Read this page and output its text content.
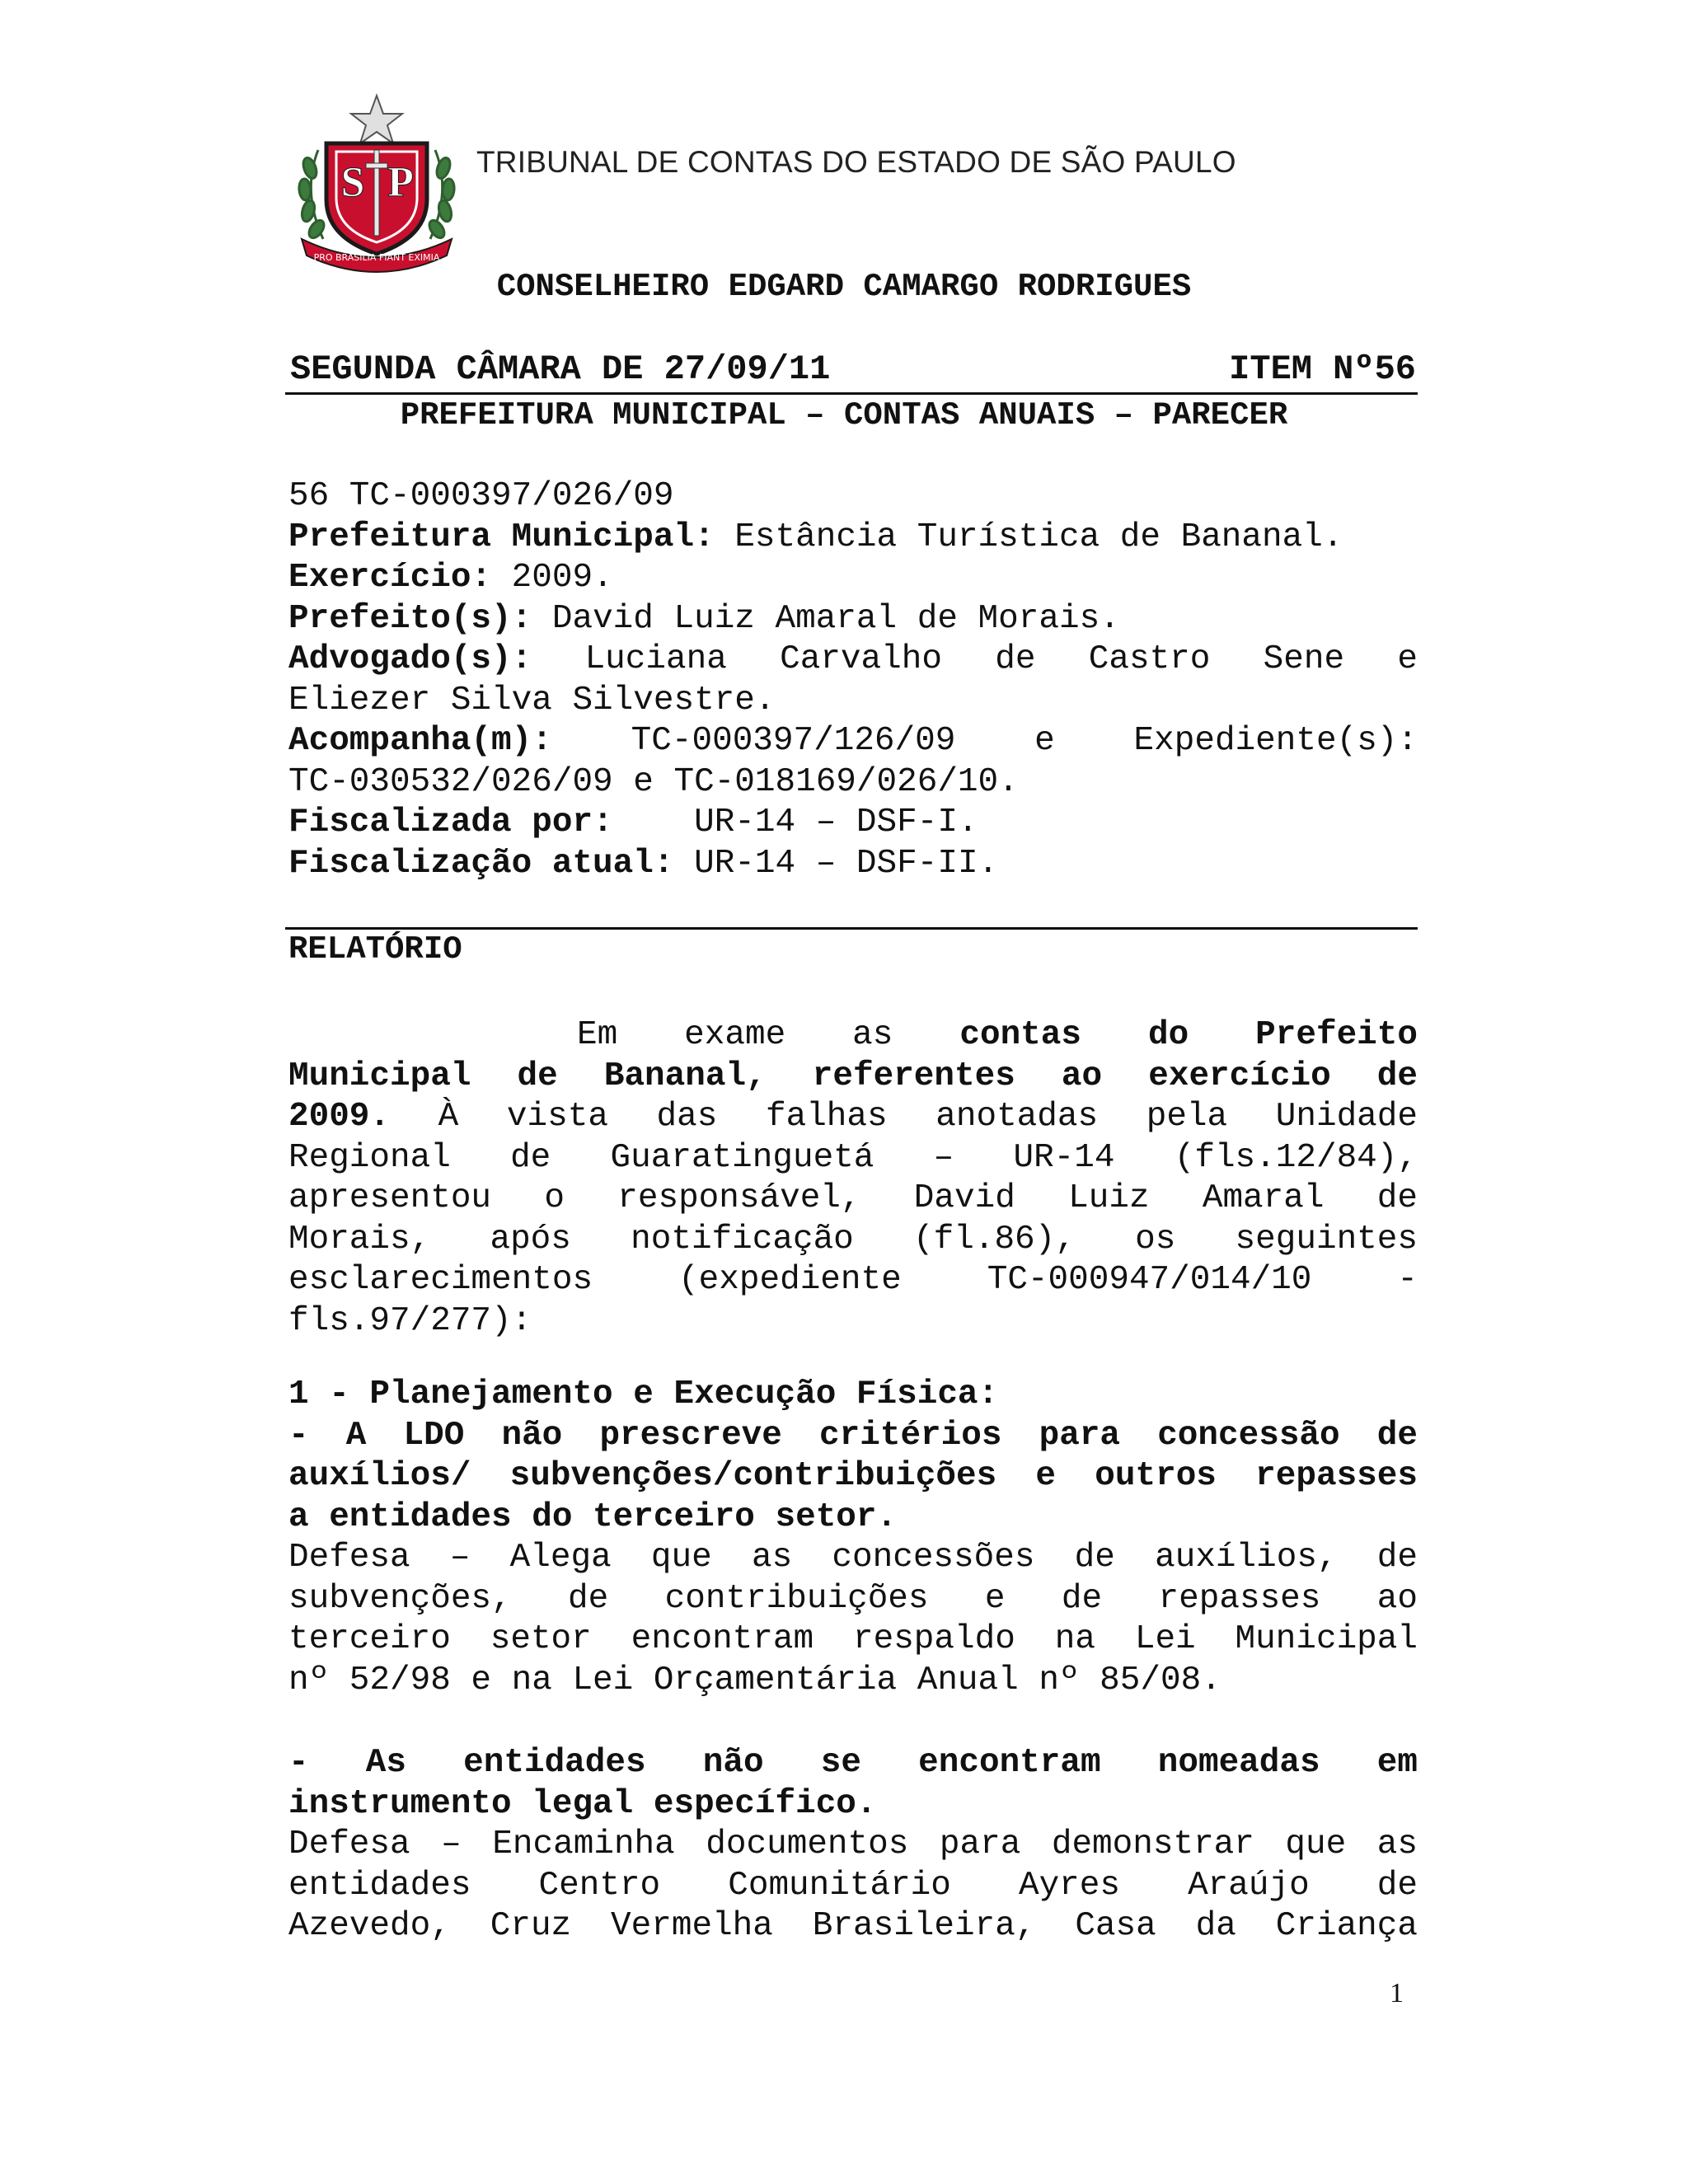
S P
PRO BRASILIA FIANT EXIMIA
TRIBUNAL DE CONTAS DO ESTADO DE SÃO PAULO
CONSELHEIRO EDGARD CAMARGO RODRIGUES
SEGUNDA CÂMARA DE 27/09/11	ITEM Nº56
PREFEITURA MUNICIPAL – CONTAS ANUAIS – PARECER
56 TC-000397/026/09
Prefeitura Municipal: Estância Turística de Bananal.
Exercício: 2009.
Prefeito(s): David Luiz Amaral de Morais.
Advogado(s): Luciana Carvalho de Castro Sene e
Eliezer Silva Silvestre.
Acompanha(m): TC-000397/126/09 e Expediente(s):
TC-030532/026/09 e TC-018169/026/10.
Fiscalizada por: UR-14 – DSF-I.
Fiscalização atual: UR-14 – DSF-II.
RELATÓRIO
Em exame as contas do Prefeito
Municipal de Bananal, referentes ao exercício de
2009. À vista das falhas anotadas pela Unidade
Regional de Guaratinguetá – UR-14 (fls.12/84),
apresentou o responsável, David Luiz Amaral de
Morais, após notificação (fl.86), os seguintes
esclarecimentos (expediente TC-000947/014/10 -
fls.97/277):
1 - Planejamento e Execução Física:
- A LDO não prescreve critérios para concessão de
auxílios/ subvenções/contribuições e outros repasses
a entidades do terceiro setor.
Defesa – Alega que as concessões de auxílios, de
subvenções, de contribuições e de repasses ao
terceiro setor encontram respaldo na Lei Municipal
nº 52/98 e na Lei Orçamentária Anual nº 85/08.
- As entidades não se encontram nomeadas em
instrumento legal específico.
Defesa – Encaminha documentos para demonstrar que as
entidades Centro Comunitário Ayres Araújo de
Azevedo, Cruz Vermelha Brasileira, Casa da Criança
1
